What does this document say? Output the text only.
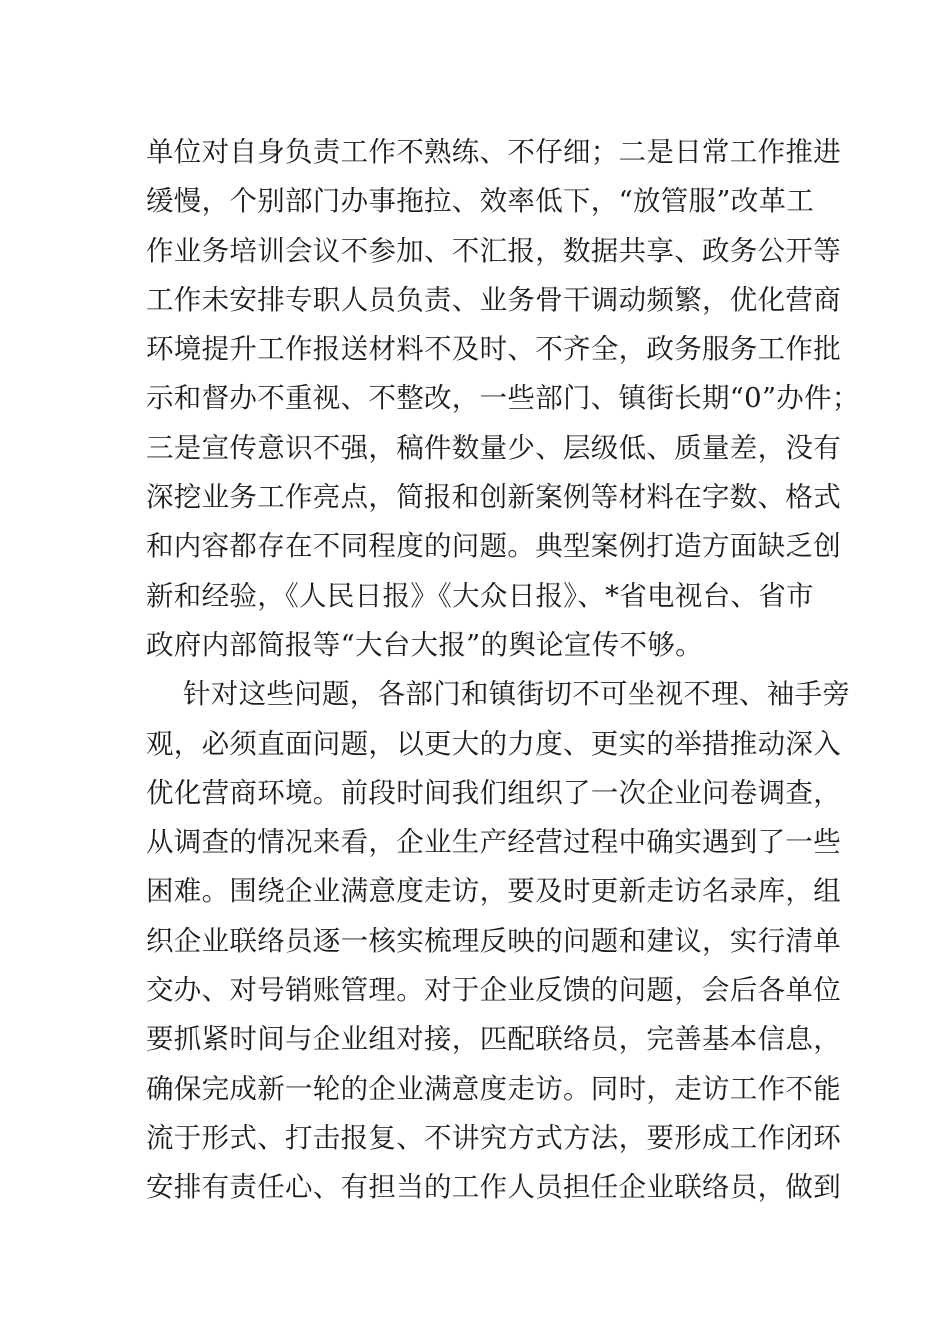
单位对自身负责工作不熟练、不仔细；二是日常工作推进
缓慢，个别部门办事拖拉、效率低下，“放管服”改革工
作业务培训会议不参加、不汇报，数据共享、政务公开等
工作未安排专职人员负责、业务骨干调动频繁，优化营商
环境提升工作报送材料不及时、不齐全，政务服务工作批
示和督办不重视、不整改，一些部门、镇街长期“0”办件；
三是宣传意识不强，稿件数量少、层级低、质量差，没有
深挖业务工作亮点，简报和创新案例等材料在字数、格式
和内容都存在不同程度的问题。典型案例打造方面缺乏创
新和经验，《人民日报》《大众日报》、*省电视台、省市
政府内部简报等“大台大报”的舆论宣传不够。
针对这些问题，各部门和镇街切不可坐视不理、袖手旁
观，必须直面问题，以更大的力度、更实的举措推动深入
优化营商环境。前段时间我们组织了一次企业问卷调查，
从调查的情况来看，企业生产经营过程中确实遇到了一些
困难。围绕企业满意度走访，要及时更新走访名录库，组
织企业联络员逐一核实梳理反映的问题和建议，实行清单
交办、对号销账管理。对于企业反馈的问题，会后各单位
要抓紧时间与企业组对接，匹配联络员，完善基本信息，
确保完成新一轮的企业满意度走访。同时，走访工作不能
流于形式、打击报复、不讲究方式方法，要形成工作闭环
安排有责任心、有担当的工作人员担任企业联络员，做到
